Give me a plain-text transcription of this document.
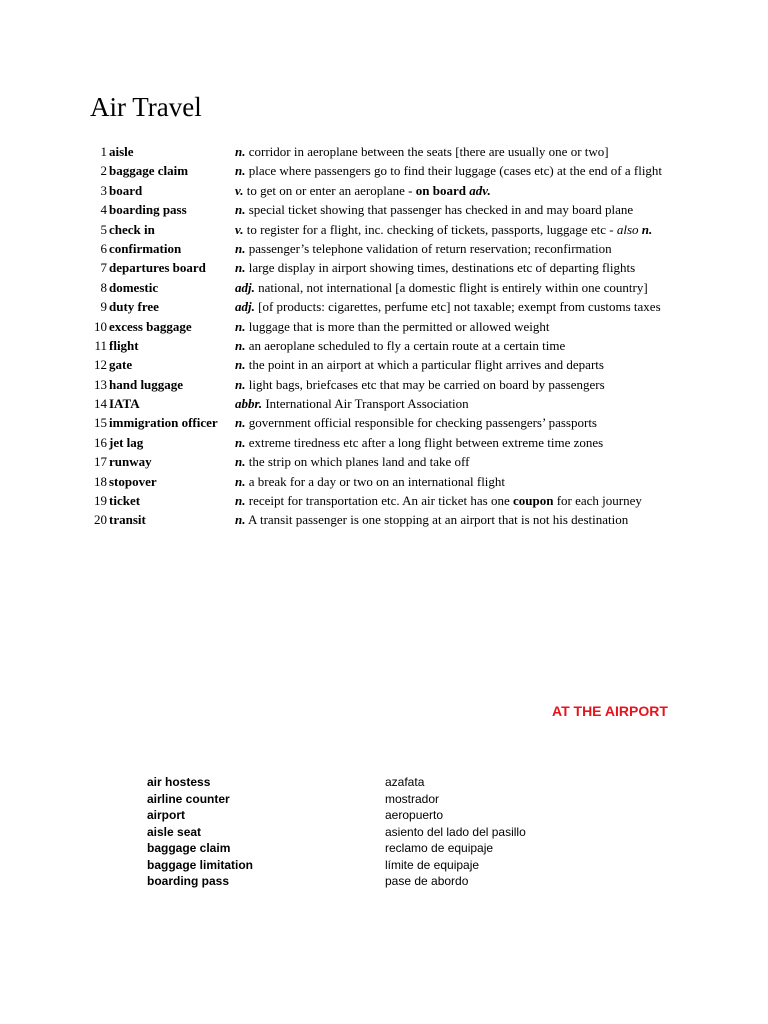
Air Travel
1 aisle	n. corridor in aeroplane between the seats [there are usually one or two]
2 baggage claim	n. place where passengers go to find their luggage (cases etc) at the end of a flight
3 board	v. to get on or enter an aeroplane - on board adv.
4 boarding pass	n. special ticket showing that passenger has checked in and may board plane
5 check in	v. to register for a flight, inc. checking of tickets, passports, luggage etc - also n.
6 confirmation	n. passenger’s telephone validation of return reservation; reconfirmation
7 departures board	n. large display in airport showing times, destinations etc of departing flights
8 domestic	adj. national, not international [a domestic flight is entirely within one country]
9 duty free	adj. [of products: cigarettes, perfume etc] not taxable; exempt from customs taxes
10 excess baggage	n. luggage that is more than the permitted or allowed weight
11 flight	n. an aeroplane scheduled to fly a certain route at a certain time
12 gate	n. the point in an airport at which a particular flight arrives and departs
13 hand luggage	n. light bags, briefcases etc that may be carried on board by passengers
14 IATA	abbr. International Air Transport Association
15 immigration officer	n. government official responsible for checking passengers’ passports
16 jet lag	n. extreme tiredness etc after a long flight between extreme time zones
17 runway	n. the strip on which planes land and take off
18 stopover	n. a break for a day or two on an international flight
19 ticket	n. receipt for transportation etc. An air ticket has one coupon for each journey
20 transit	n. A transit passenger is one stopping at an airport that is not his destination
AT THE AIRPORT
air hostess	azafata
airline counter	mostrador
airport	aeropuerto
aisle seat	asiento del lado del pasillo
baggage claim	reclamo de equipaje
baggage limitation	límite de equipaje
boarding pass	pase de abordo
